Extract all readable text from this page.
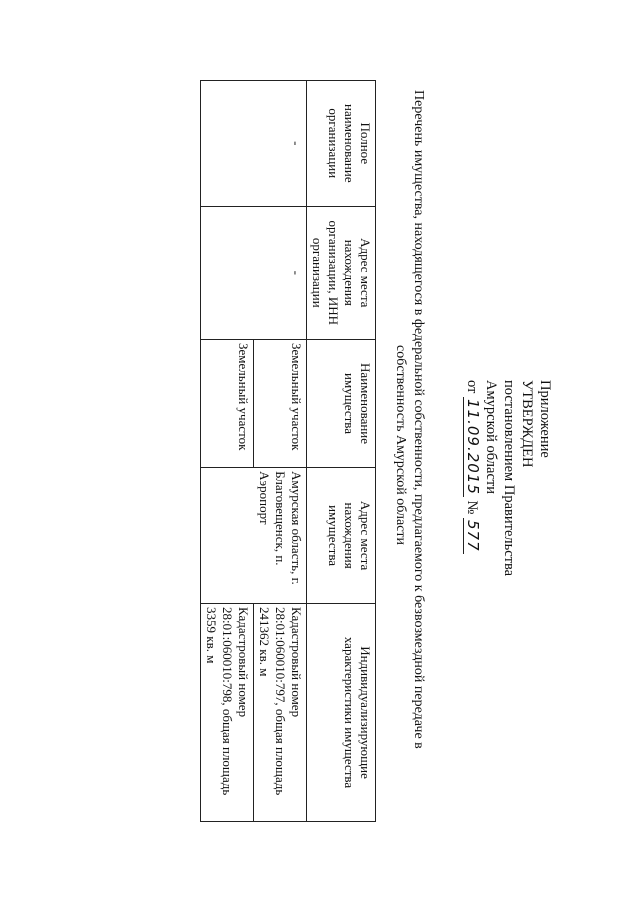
Приложение
УТВЕРЖДЕН
постановлением Правительства
Амурской области
от 11.09.2015 № 577
Перечень имущества, находящегося в федеральной собственности, предлагаемого к безвозмездной передаче в
собственность Амурской области
Полное наименование организации	Адрес места нахождения организации, ИНН организации	Наименование имущества	Адрес места нахождения имущества	Индивидуализирующие характеристики имущества
-	-	Земельный участок	Амурская область, г. Благовещенск, п. Аэропорт	Кадастровый номер 28:01:060010:797, общая площадь 241362 кв. м
		Земельный участок		Кадастровый номер 28:01:060010:798, общая площадь 3359 кв. м
